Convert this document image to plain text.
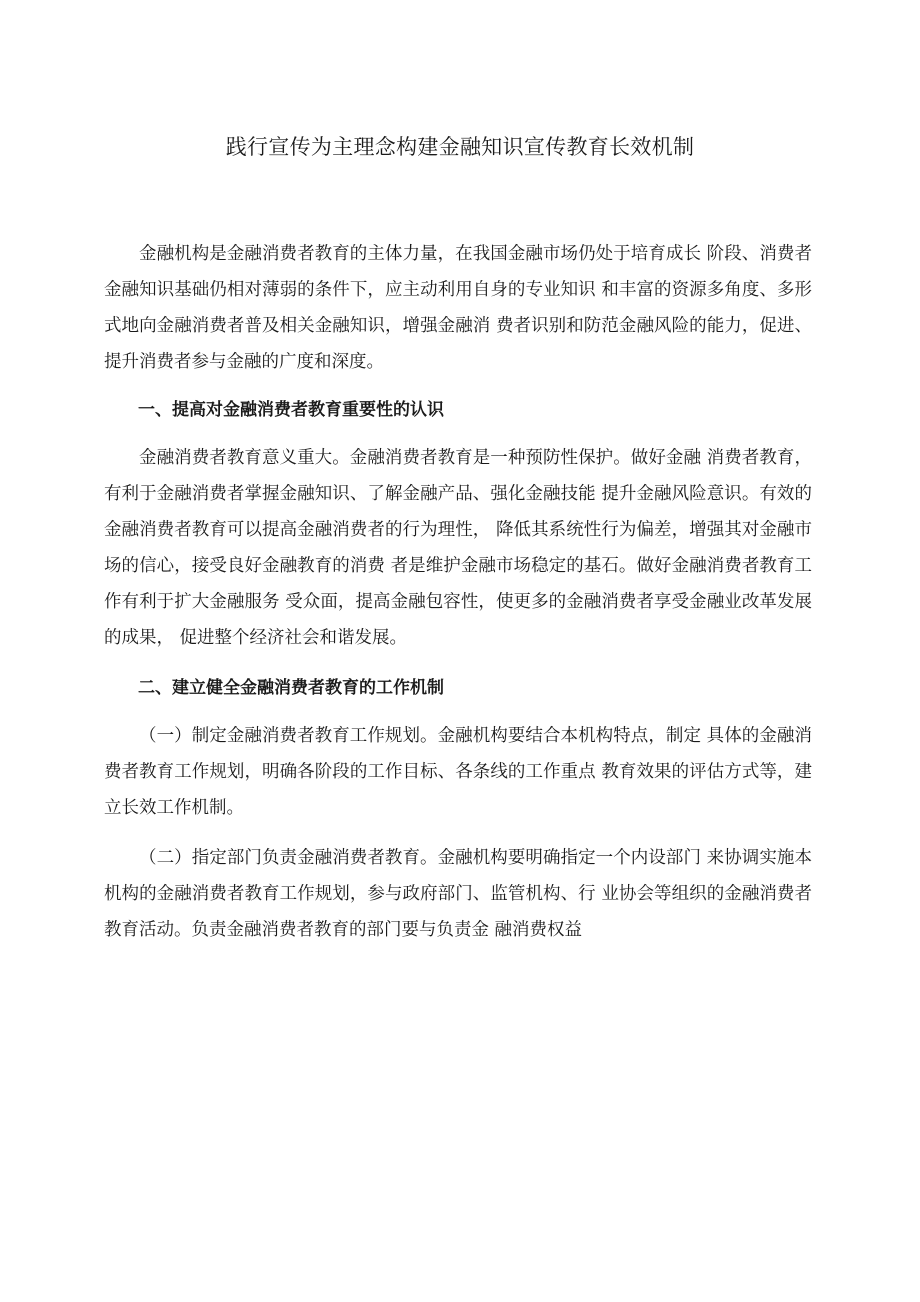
践行宣传为主理念构建金融知识宣传教育长效机制

金融机构是金融消费者教育的主体力量，在我国金融市场仍处于培育成长 阶段、消费者金融知识基础仍相对薄弱的条件下，应主动利用自身的专业知识 和丰富的资源多角度、多形式地向金融消费者普及相关金融知识，增强金融消 费者识别和防范金融风险的能力，促进、提升消费者参与金融的广度和深度。

一、提高对金融消费者教育重要性的认识

金融消费者教育意义重大。金融消费者教育是一种预防性保护。做好金融 消费者教育，有利于金融消费者掌握金融知识、了解金融产品、强化金融技能 提升金融风险意识。有效的金融消费者教育可以提高金融消费者的行为理性， 降低其系统性行为偏差，增强其对金融市场的信心，接受良好金融教育的消费 者是维护金融市场稳定的基石。做好金融消费者教育工作有利于扩大金融服务 受众面，提高金融包容性，使更多的金融消费者享受金融业改革发展的成果， 促进整个经济社会和谐发展。

二、建立健全金融消费者教育的工作机制

（一）制定金融消费者教育工作规划。金融机构要结合本机构特点，制定 具体的金融消费者教育工作规划，明确各阶段的工作目标、各条线的工作重点 教育效果的评估方式等，建立长效工作机制。

（二）指定部门负责金融消费者教育。金融机构要明确指定一个内设部门 来协调实施本机构的金融消费者教育工作规划，参与政府部门、监管机构、行 业协会等组织的金融消费者教育活动。负责金融消费者教育的部门要与负责金 融消费权益
